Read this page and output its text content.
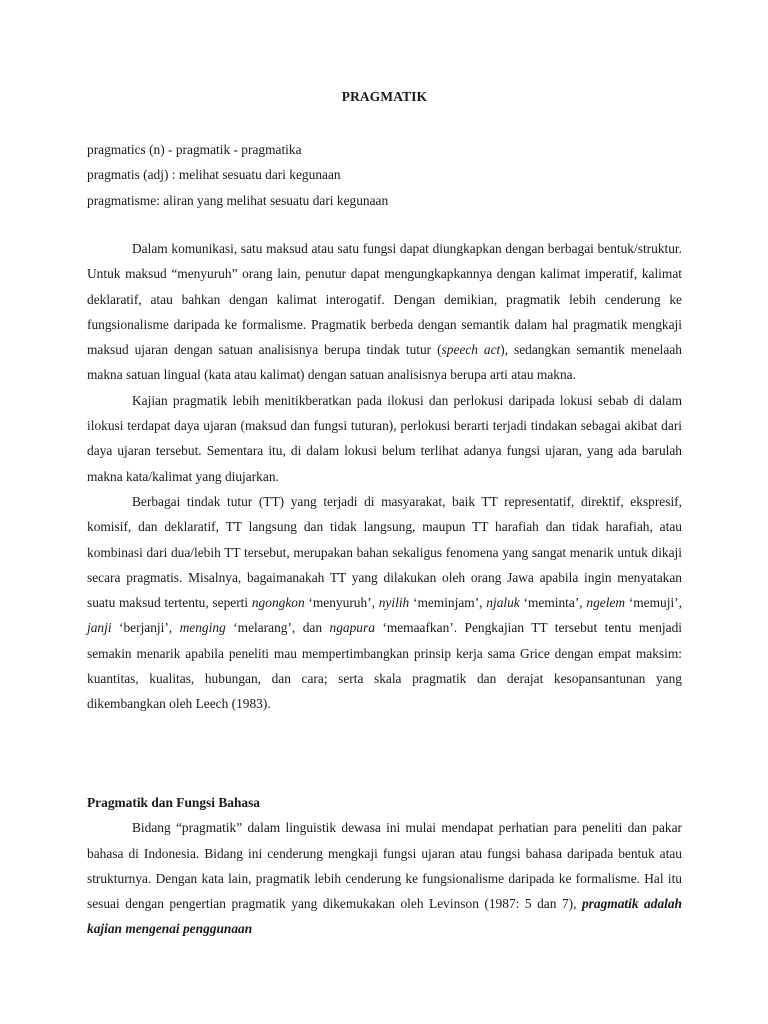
PRAGMATIK
pragmatics (n) - pragmatik - pragmatika
pragmatis (adj) : melihat sesuatu dari kegunaan
pragmatisme: aliran yang melihat sesuatu dari kegunaan

Dalam komunikasi, satu maksud atau satu fungsi dapat diungkapkan dengan berbagai bentuk/struktur. Untuk maksud “menyuruh” orang lain, penutur dapat mengungkapkannya dengan kalimat imperatif, kalimat deklaratif, atau bahkan dengan kalimat interogatif. Dengan demikian, pragmatik lebih cenderung ke fungsionalisme daripada ke formalisme. Pragmatik berbeda dengan semantik dalam hal pragmatik mengkaji maksud ujaran dengan satuan analisisnya berupa tindak tutur (speech act), sedangkan semantik menelaah makna satuan lingual (kata atau kalimat) dengan satuan analisisnya berupa arti atau makna.

Kajian pragmatik lebih menitikberatkan pada ilokusi dan perlokusi daripada lokusi sebab di dalam ilokusi terdapat daya ujaran (maksud dan fungsi tuturan), perlokusi berarti terjadi tindakan sebagai akibat dari daya ujaran tersebut. Sementara itu, di dalam lokusi belum terlihat adanya fungsi ujaran, yang ada barulah makna kata/kalimat yang diujarkan.

Berbagai tindak tutur (TT) yang terjadi di masyarakat, baik TT representatif, direktif, ekspresif, komisif, dan deklaratif, TT langsung dan tidak langsung, maupun TT harafiah dan tidak harafiah, atau kombinasi dari dua/lebih TT tersebut, merupakan bahan sekaligus fenomena yang sangat menarik untuk dikaji secara pragmatis. Misalnya, bagaimanakah TT yang dilakukan oleh orang Jawa apabila ingin menyatakan suatu maksud tertentu, seperti ngongkon ‘menyuruh’, nyilih ‘meminjam’, njaluk ‘meminta’, ngelem ‘memuji’, janji ‘berjanji’, menging ‘melarang’, dan ngapura ‘memaafkan’. Pengkajian TT tersebut tentu menjadi semakin menarik apabila peneliti mau mempertimbangkan prinsip kerja sama Grice dengan empat maksim: kuantitas, kualitas, hubungan, dan cara; serta skala pragmatik dan derajat kesopansantunan yang dikembangkan oleh Leech (1983).

Pragmatik dan Fungsi Bahasa

Bidang “pragmatik” dalam linguistik dewasa ini mulai mendapat perhatian para peneliti dan pakar bahasa di Indonesia. Bidang ini cenderung mengkaji fungsi ujaran atau fungsi bahasa daripada bentuk atau strukturnya. Dengan kata lain, pragmatik lebih cenderung ke fungsionalisme daripada ke formalisme. Hal itu sesuai dengan pengertian pragmatik yang dikemukakan oleh Levinson (1987: 5 dan 7), pragmatik adalah kajian mengenai penggunaan
